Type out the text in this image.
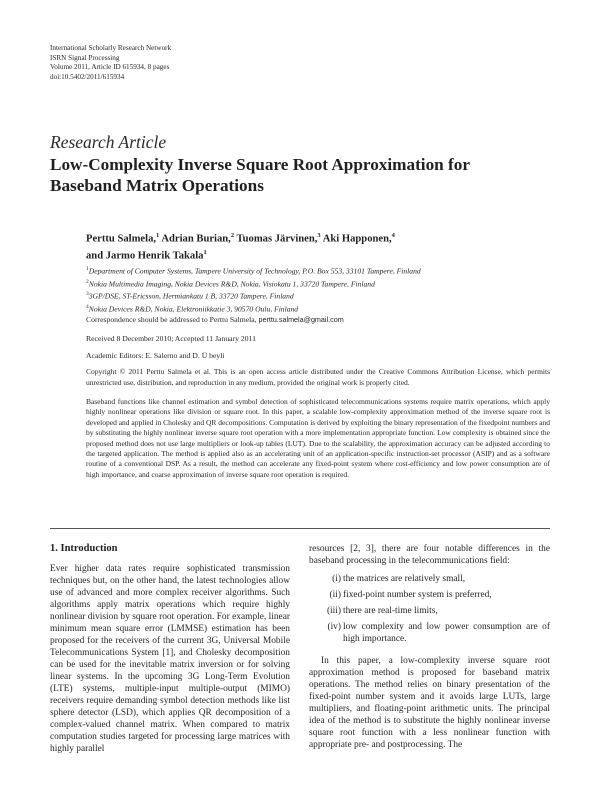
International Scholarly Research Network
ISRN Signal Processing
Volume 2011, Article ID 615934, 8 pages
doi:10.5402/2011/615934
Research Article
Low-Complexity Inverse Square Root Approximation for Baseband Matrix Operations
Perttu Salmela,$^1$ Adrian Burian,$^2$ Tuomas Järvinen,$^3$ Aki Happonen,$^4$
and Jarmo Henrik Takala$^1$
$^1$Department of Computer Systems, Tampere University of Technology, P.O. Box 553, 33101 Tampere, Finland
$^2$Nokia Multimedia Imaging, Nokia Devices R&D, Nokia, Visiokatu 1, 33720 Tampere, Finland
$^3$3GP/DSE, ST-Ericsson, Hermiankatu 1 B, 33720 Tampere, Finland
$^4$Nokia Devices R&D, Nokia, Elektroniikkatie 3, 90570 Oulu, Finland
Correspondence should be addressed to Perttu Salmela, perttu.salmela@gmail.com
Received 8 December 2010; Accepted 11 January 2011
Academic Editors: E. Salerno and D. Ü beyli
Copyright © 2011 Perttu Salmela et al. This is an open access article distributed under the Creative Commons Attribution License, which permits unrestricted use, distribution, and reproduction in any medium, provided the original work is properly cited.
Baseband functions like channel estimation and symbol detection of sophisticated telecommunications systems require matrix operations, which apply highly nonlinear operations like division or square root. In this paper, a scalable low-complexity approximation method of the inverse square root is developed and applied in Cholesky and QR decompositions. Computation is derived by exploiting the binary representation of the fixedpoint numbers and by substituting the highly nonlinear inverse square root operation with a more implementation appropriate function. Low complexity is obtained since the proposed method does not use large multipliers or look-up tables (LUT). Due to the scalability, the approximation accuracy can be adjusted according to the targeted application. The method is applied also as an accelerating unit of an application-specific instruction-set processor (ASIP) and as a software routine of a conventional DSP. As a result, the method can accelerate any fixed-point system where cost-efficiency and low power consumption are of high importance, and coarse approximation of inverse square root operation is required.
1. Introduction

Ever higher data rates require sophisticated transmission techniques but, on the other hand, the latest technologies allow use of advanced and more complex receiver algorithms. Such algorithms apply matrix operations which require highly nonlinear division by square root operation. For example, linear minimum mean square error (LMMSE) estimation has been proposed for the receivers of the current 3G, Universal Mobile Telecommunications System [1], and Cholesky decomposition can be used for the inevitable matrix inversion or for solving linear systems. In the upcoming 3G Long-Term Evolution (LTE) systems, multiple-input multiple-output (MIMO) receivers require demanding symbol detection methods like list sphere detector (LSD), which applies QR decomposition of a complex-valued channel matrix. When compared to matrix computation studies targeted for processing large matrices with highly parallel

resources [2, 3], there are four notable differences in the baseband processing in the telecommunications field:

(i) the matrices are relatively small,
(ii) fixed-point number system is preferred,
(iii) there are real-time limits,
(iv) low complexity and low power consumption are of high importance.

In this paper, a low-complexity inverse square root approximation method is proposed for baseband matrix operations. The method relies on binary presentation of the fixed-point number system and it avoids large LUTs, large multipliers, and floating-point arithmetic units. The principal idea of the method is to substitute the highly nonlinear inverse square root function with a less nonlinear function with appropriate pre- and postprocessing. The
